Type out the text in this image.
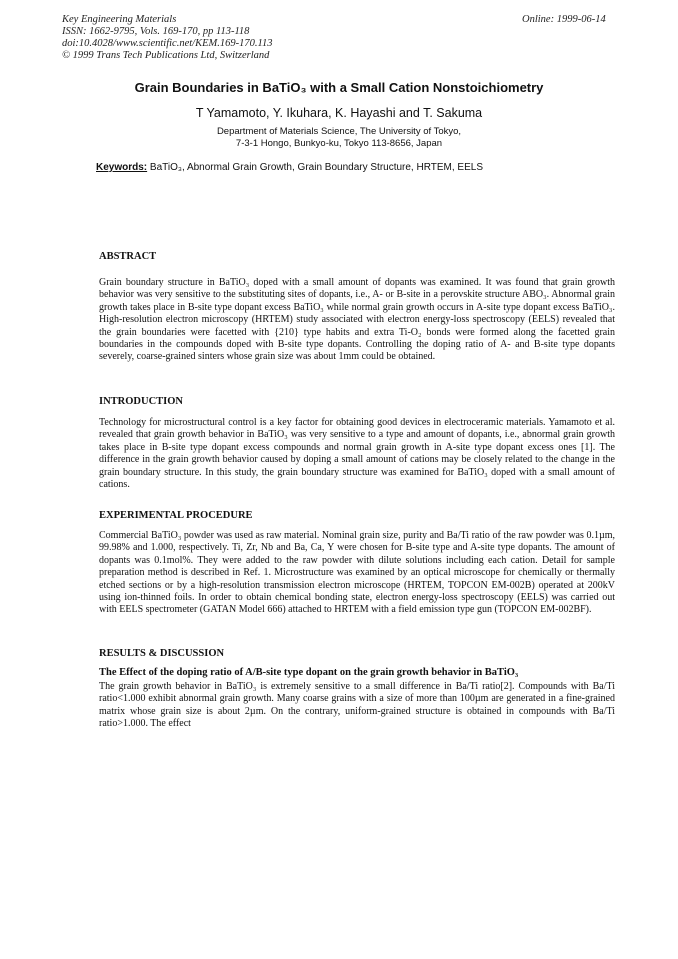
Key Engineering Materials
ISSN: 1662-9795, Vols. 169-170, pp 113-118
doi:10.4028/www.scientific.net/KEM.169-170.113
© 1999 Trans Tech Publications Ltd, Switzerland
Online: 1999-06-14
Grain Boundaries in BaTiO₃ with a Small Cation Nonstoichiometry
T Yamamoto, Y. Ikuhara, K. Hayashi and T. Sakuma
Department of Materials Science, The University of Tokyo,
7-3-1 Hongo, Bunkyo-ku, Tokyo 113-8656, Japan
Keywords: BaTiO₃, Abnormal Grain Growth, Grain Boundary Structure, HRTEM, EELS
ABSTRACT
Grain boundary structure in BaTiO₃ doped with a small amount of dopants was examined. It was found that grain growth behavior was very sensitive to the substituting sites of dopants, i.e., A- or B-site in a perovskite structure ABO₃. Abnormal grain growth takes place in B-site type dopant excess BaTiO₃ while normal grain growth occurs in A-site type dopant excess BaTiO₃. High-resolution electron microscopy (HRTEM) study associated with electron energy-loss spectroscopy (EELS) revealed that the grain boundaries were facetted with {210} type habits and extra Ti-O₂ bonds were formed along the facetted grain boundaries in the compounds doped with B-site type dopants. Controlling the doping ratio of A- and B-site type dopants severely, coarse-grained sinters whose grain size was about 1mm could be obtained.
INTRODUCTION
Technology for microstructural control is a key factor for obtaining good devices in electroceramic materials. Yamamoto et al. revealed that grain growth behavior in BaTiO₃ was very sensitive to a type and amount of dopants, i.e., abnormal grain growth takes place in B-site type dopant excess compounds and normal grain growth in A-site type dopant excess ones [1]. The difference in the grain growth behavior caused by doping a small amount of cations may be closely related to the change in the grain boundary structure. In this study, the grain boundary structure was examined for BaTiO₃ doped with a small amount of cations.
EXPERIMENTAL PROCEDURE
Commercial BaTiO₃ powder was used as raw material. Nominal grain size, purity and Ba/Ti ratio of the raw powder was 0.1µm, 99.98% and 1.000, respectively. Ti, Zr, Nb and Ba, Ca, Y were chosen for B-site type and A-site type dopants. The amount of dopants was 0.1mol%. They were added to the raw powder with dilute solutions including each cation. Detail for sample preparation method is described in Ref. 1. Microstructure was examined by an optical microscope for chemically or thermally etched sections or by a high-resolution transmission electron microscope (HRTEM, TOPCON EM-002B) operated at 200kV using ion-thinned foils. In order to obtain chemical bonding state, electron energy-loss spectroscopy (EELS) was carried out with EELS spectrometer (GATAN Model 666) attached to HRTEM with a field emission type gun (TOPCON EM-002BF).
RESULTS & DISCUSSION
The Effect of the doping ratio of A/B-site type dopant on the grain growth behavior in BaTiO₃
The grain growth behavior in BaTiO₃ is extremely sensitive to a small difference in Ba/Ti ratio[2]. Compounds with Ba/Ti ratio<1.000 exhibit abnormal grain growth. Many coarse grains with a size of more than 100µm are generated in a fine-grained matrix whose grain size is about 2µm. On the contrary, uniform-grained structure is obtained in compounds with Ba/Ti ratio>1.000. The effect
